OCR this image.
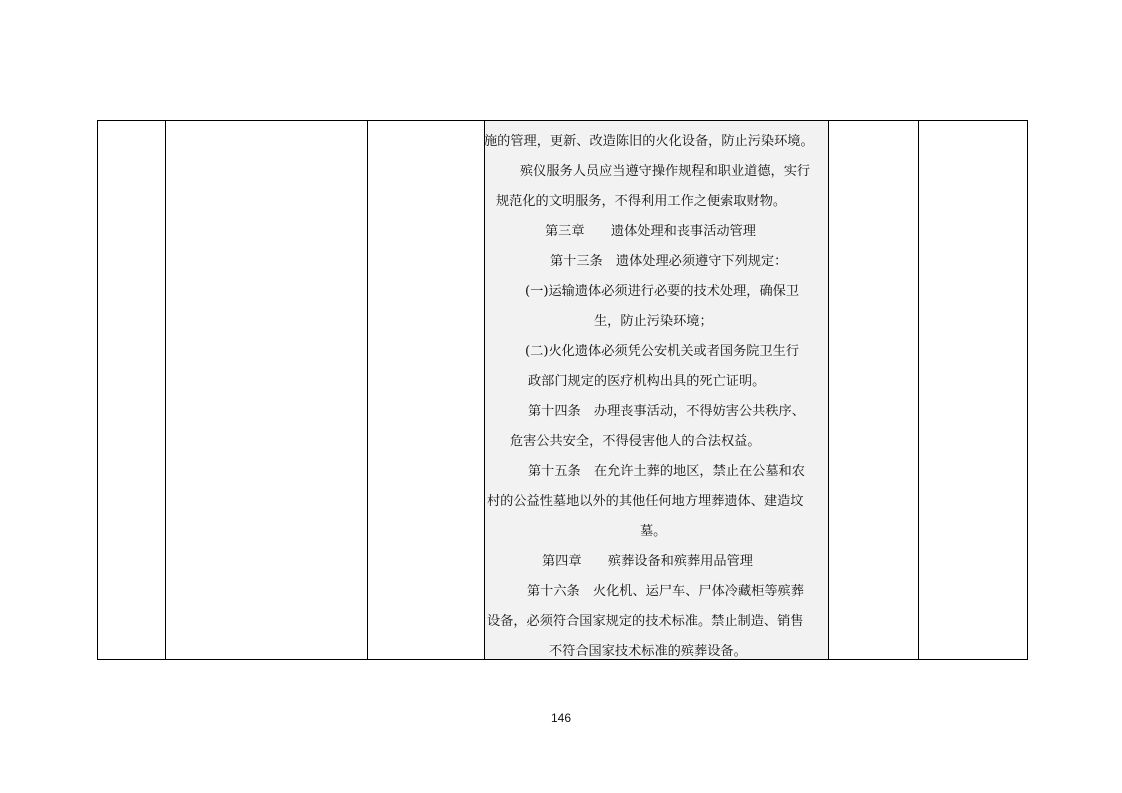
施的管理，更新、改造陈旧的火化设备，防止污染环境。
殡仪服务人员应当遵守操作规程和职业道德，实行
规范化的文明服务，不得利用工作之便索取财物。
第三章　　遗体处理和丧事活动管理
第十三条　遗体处理必须遵守下列规定：
(一)运输遗体必须进行必要的技术处理，确保卫
生，防止污染环境；
(二)火化遗体必须凭公安机关或者国务院卫生行
政部门规定的医疗机构出具的死亡证明。
第十四条　办理丧事活动，不得妨害公共秩序、
危害公共安全，不得侵害他人的合法权益。
第十五条　在允许土葬的地区，禁止在公墓和农
村的公益性墓地以外的其他任何地方埋葬遗体、建造坟
墓。
第四章　　殡葬设备和殡葬用品管理
第十六条　火化机、运尸车、尸体冷藏柜等殡葬
设备，必须符合国家规定的技术标准。禁止制造、销售
不符合国家技术标准的殡葬设备。
146
